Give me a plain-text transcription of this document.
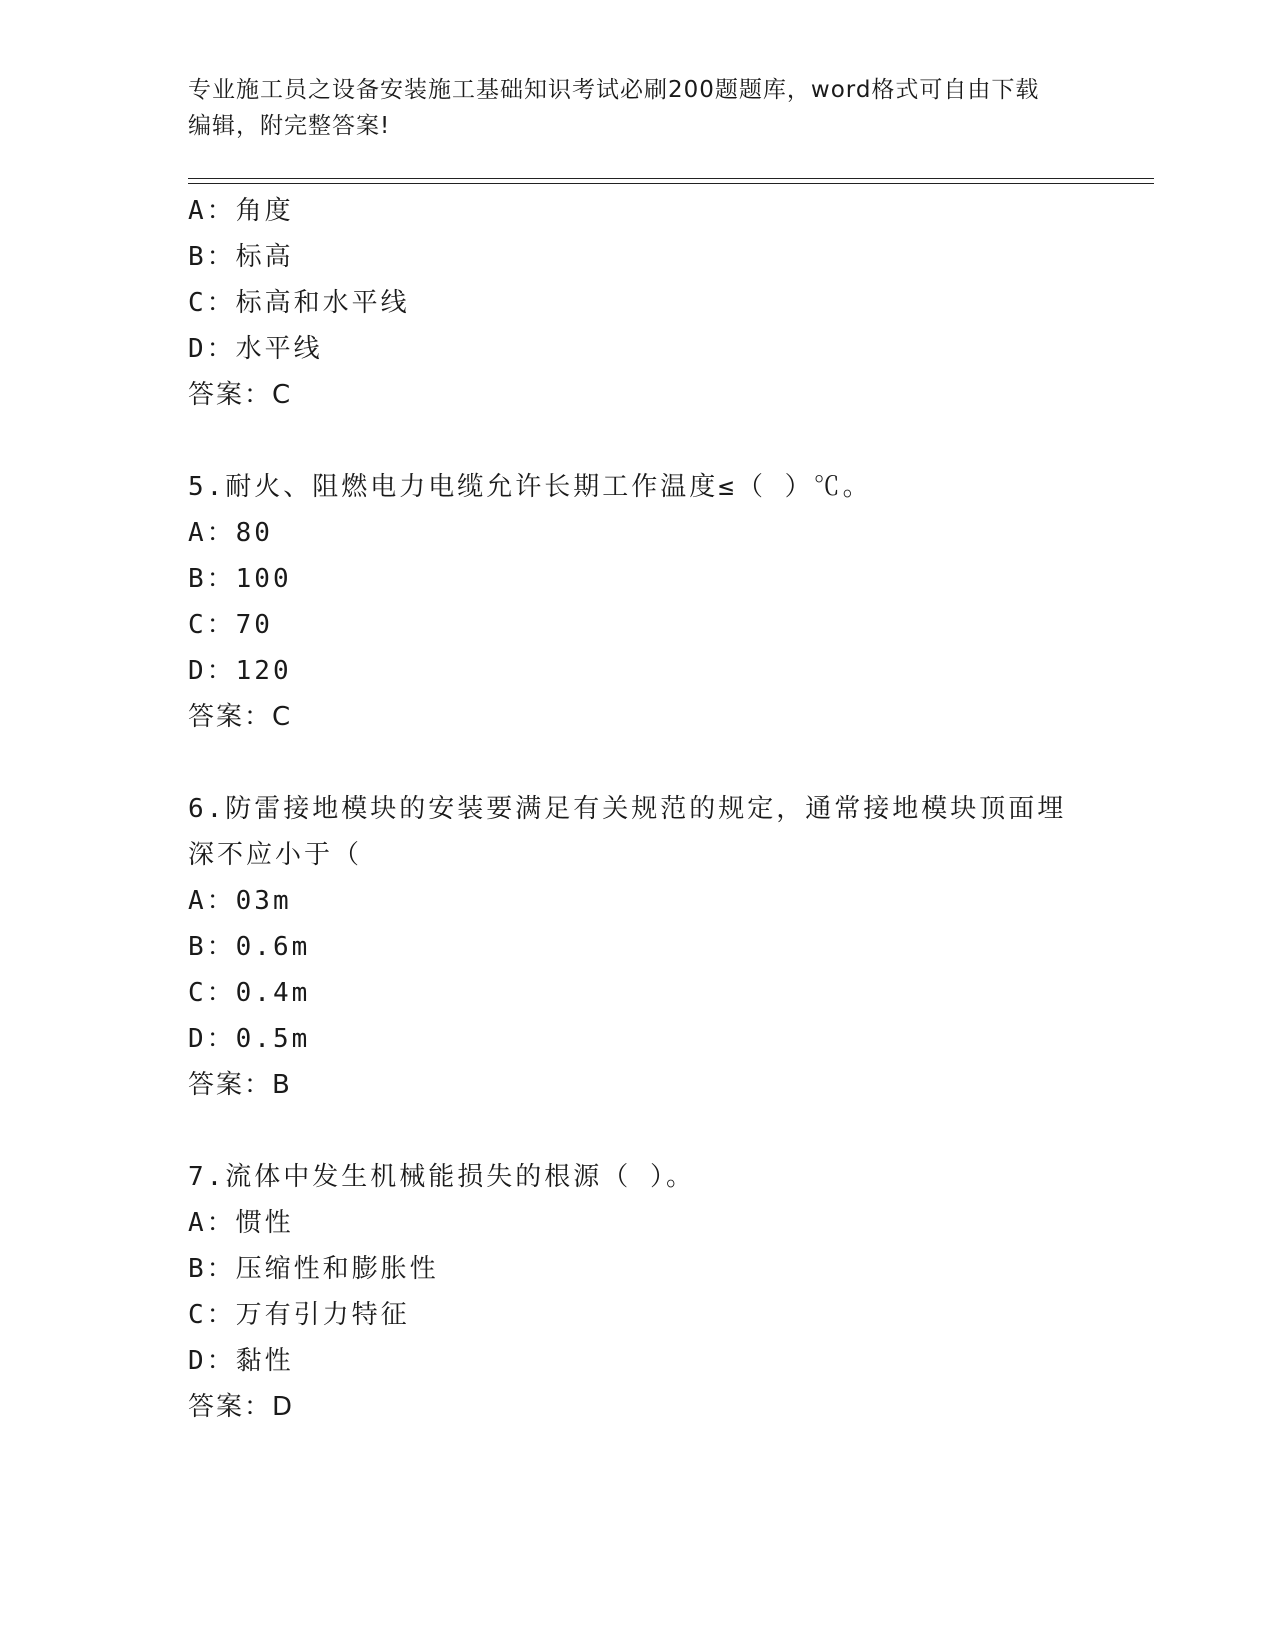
专业施工员之设备安装施工基础知识考试必刷200题题库，word格式可自由下载
编辑，附完整答案!
A：角度
B：标高
C：标高和水平线
D：水平线
答案：C
5.耐火、阻燃电力电缆允许长期工作温度≤（ ）℃。
A：80
B：100
C：70
D：120
答案：C
6.防雷接地模块的安装要满足有关规范的规定，通常接地模块顶面埋
深不应小于（
A：03m
B：0.6m
C：0.4m
D：0.5m
答案：B
7.流体中发生机械能损失的根源（ ）。
A：惯性
B：压缩性和膨胀性
C：万有引力特征
D：黏性
答案：D
